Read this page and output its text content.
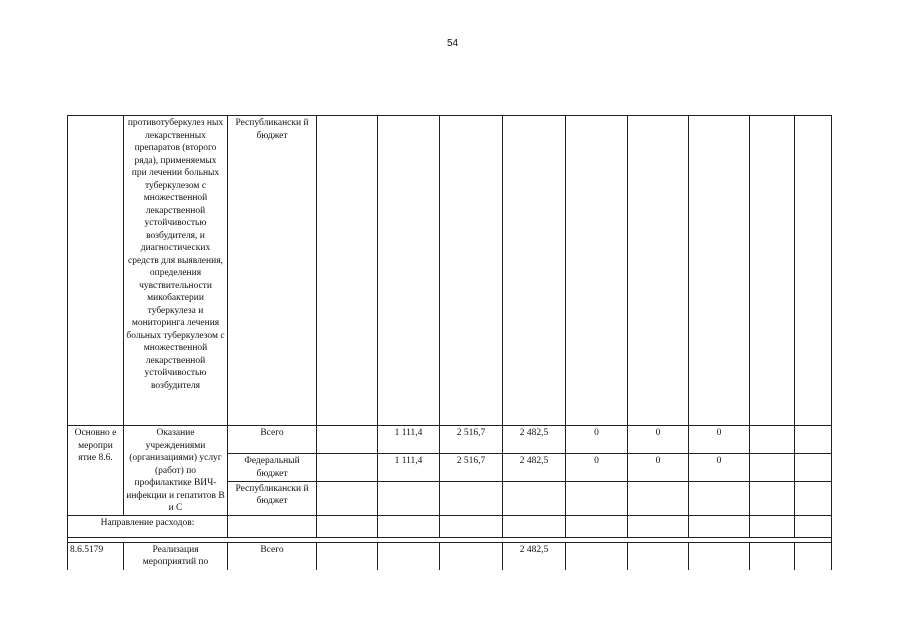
54
	противотуберкулез ных лекарственных препаратов (второго ряда), применяемых при лечении больных туберкулезом с множественной лекарственной устойчивостью возбудителя, и диагностических средств для выявления, определения чувствительности микобактерии туберкулеза и мониторинга лечения больных туберкулезом с множественной лекарственной устойчивостью возбудителя	Республикански й бюджет									
Основно е меропри ятие 8.6.	Оказание учреждениями (организациями) услуг (работ) по профилактике ВИЧ-инфекции и гепатитов В и С	Всего		1 111,4	2 516,7	2 482,5	0	0	0		
		Федеральный бюджет		1 111,4	2 516,7	2 482,5	0	0	0		
		Республикански й бюджет									
Направление расходов:											

8.6.5179	Реализация мероприятий по	Всего				2 482,5					
